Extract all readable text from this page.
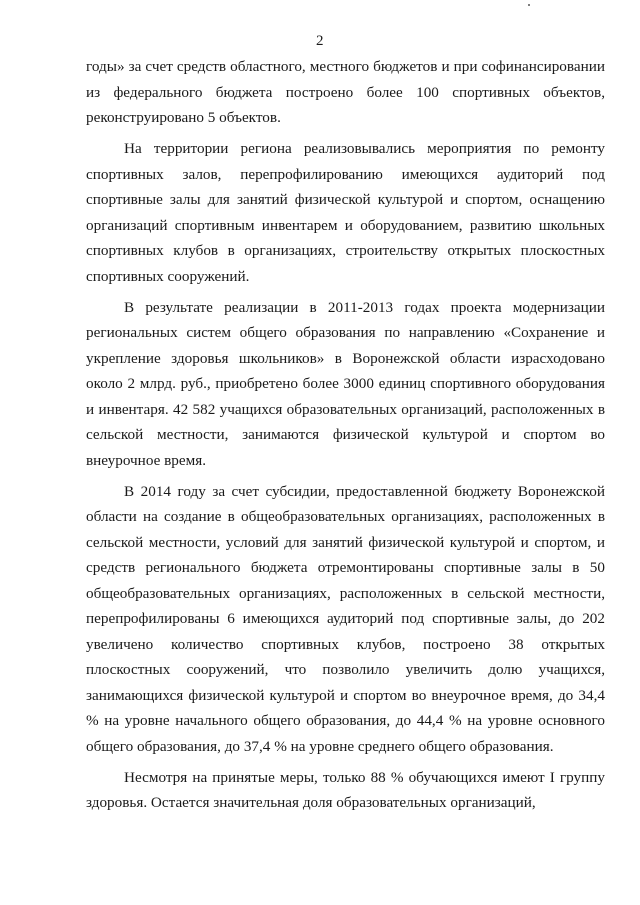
2

годы» за счет средств областного, местного бюджетов и при софинансировании из федерального бюджета построено более 100 спортивных объектов, реконструировано 5 объектов.

На территории региона реализовывались мероприятия по ремонту спортивных залов, перепрофилированию имеющихся аудиторий под спортивные залы для занятий физической культурой и спортом, оснащению организаций спортивным инвентарем и оборудованием, развитию школьных спортивных клубов в организациях, строительству открытых плоскостных спортивных сооружений.

В результате реализации в 2011-2013 годах проекта модернизации региональных систем общего образования по направлению «Сохранение и укрепление здоровья школьников» в Воронежской области израсходовано около 2 млрд. руб., приобретено более 3000 единиц спортивного оборудования и инвентаря. 42 582 учащихся образовательных организаций, расположенных в сельской местности, занимаются физической культурой и спортом во внеурочное время.

В 2014 году за счет субсидии, предоставленной бюджету Воронежской области на создание в общеобразовательных организациях, расположенных в сельской местности, условий для занятий физической культурой и спортом, и средств регионального бюджета отремонтированы спортивные залы в 50 общеобразовательных организациях, расположенных в сельской местности, перепрофилированы 6 имеющихся аудиторий под спортивные залы, до 202 увеличено количество спортивных клубов, построено 38 открытых плоскостных сооружений, что позволило увеличить долю учащихся, занимающихся физической культурой и спортом во внеурочное время, до 34,4 % на уровне начального общего образования, до 44,4 % на уровне основного общего образования, до 37,4 % на уровне среднего общего образования.

Несмотря на принятые меры, только 88 % обучающихся имеют I группу здоровья. Остается значительная доля образовательных организаций,
